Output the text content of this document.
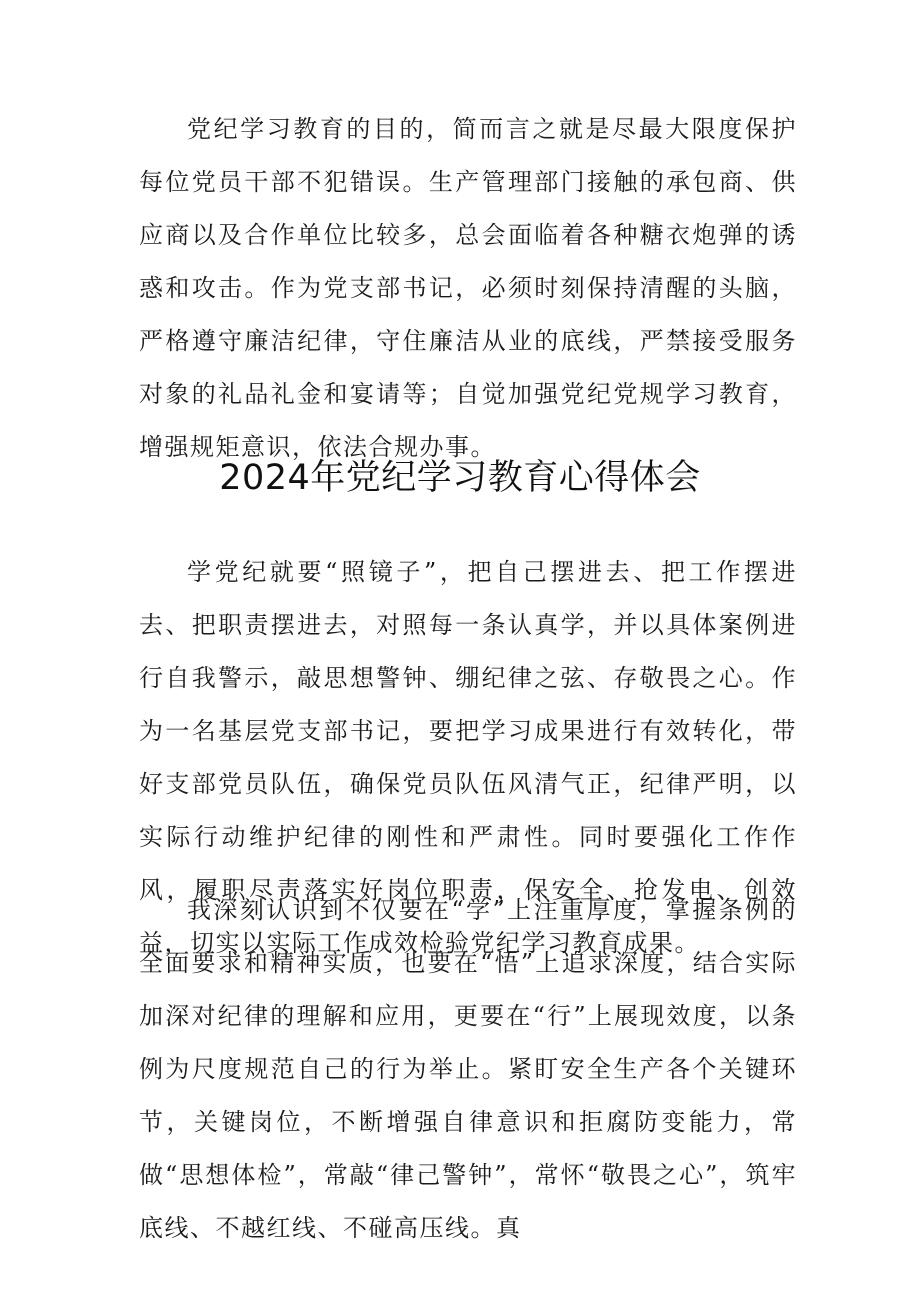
党纪学习教育的目的，简而言之就是尽最大限度保护每位党员干部不犯错误。生产管理部门接触的承包商、供应商以及合作单位比较多，总会面临着各种糖衣炮弹的诱惑和攻击。作为党支部书记，必须时刻保持清醒的头脑，严格遵守廉洁纪律，守住廉洁从业的底线，严禁接受服务对象的礼品礼金和宴请等；自觉加强党纪党规学习教育，增强规矩意识，依法合规办事。

2024年党纪学习教育心得体会

学党纪就要“照镜子”，把自己摆进去、把工作摆进去、把职责摆进去，对照每一条认真学，并以具体案例进行自我警示，敲思想警钟、绷纪律之弦、存敬畏之心。作为一名基层党支部书记，要把学习成果进行有效转化，带好支部党员队伍，确保党员队伍风清气正，纪律严明，以实际行动维护纪律的刚性和严肃性。同时要强化工作作风，履职尽责落实好岗位职责，保安全、抢发电、创效益，切实以实际工作成效检验党纪学习教育成果。

我深刻认识到不仅要在“学”上注重厚度，掌握条例的全面要求和精神实质，也要在“悟”上追求深度，结合实际加深对纪律的理解和应用，更要在“行”上展现效度，以条例为尺度规范自己的行为举止。紧盯安全生产各个关键环节，关键岗位，不断增强自律意识和拒腐防变能力，常做“思想体检”，常敲“律己警钟”，常怀“敬畏之心”，筑牢底线、不越红线、不碰高压线。真
